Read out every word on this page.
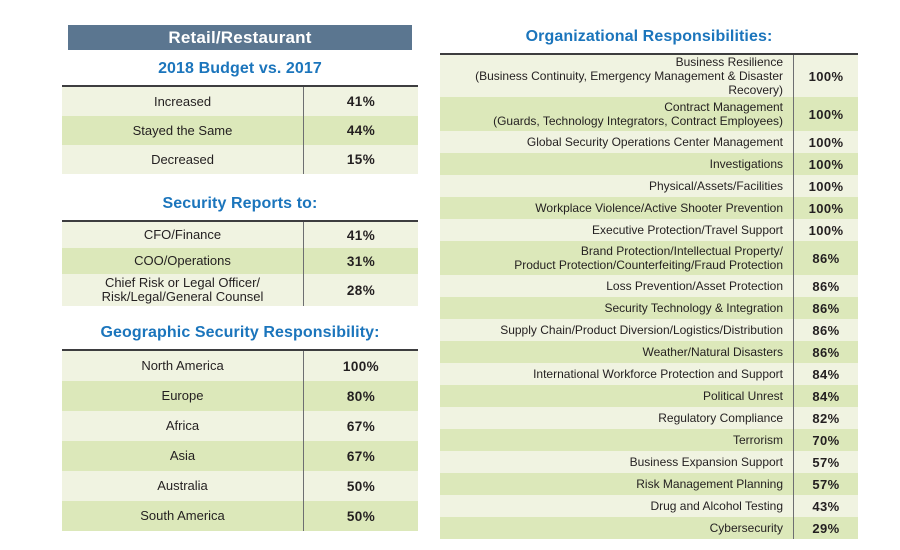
Retail/Restaurant
2018 Budget vs. 2017
Increased	41%
Stayed the Same	44%
Decreased	15%
Security Reports to:
CFO/Finance	41%
COO/Operations	31%
Chief Risk or Legal Officer/
Risk/Legal/General Counsel	28%
Geographic Security Responsibility:
North America	100%
Europe	80%
Africa	67%
Asia	67%
Australia	50%
South America	50%
Organizational Responsibilities:
Business Resilience
(Business Continuity, Emergency Management & Disaster Recovery)
100%
Contract Management
(Guards, Technology Integrators, Contract Employees)	100%
Global Security Operations Center Management	100%
Investigations	100%
Physical/Assets/Facilities	100%
Workplace Violence/Active Shooter Prevention	100%
Executive Protection/Travel Support	100%
Brand Protection/Intellectual Property/
Product Protection/Counterfeiting/Fraud Protection	86%
Loss Prevention/Asset Protection	86%
Security Technology & Integration	86%
Supply Chain/Product Diversion/Logistics/Distribution	86%
Weather/Natural Disasters	86%
International Workforce Protection and Support	84%
Political Unrest	84%
Regulatory Compliance	82%
Terrorism	70%
Business Expansion Support	57%
Risk Management Planning	57%
Drug and Alcohol Testing	43%
Cybersecurity	29%
